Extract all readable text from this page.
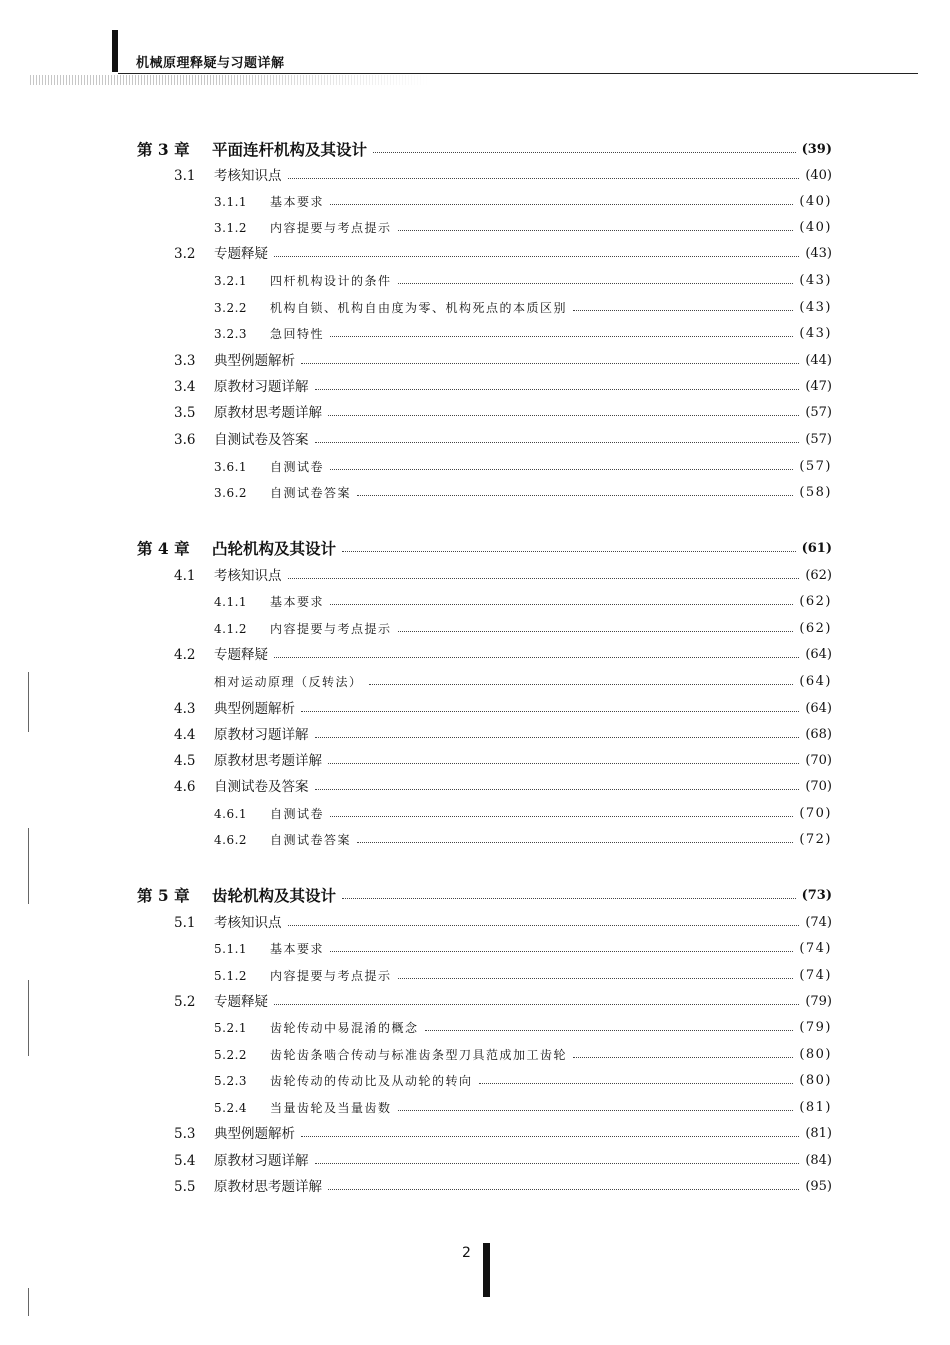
机械原理释疑与习题详解
第 3 章	平面连杆机构及其设计	(39)
3.1	考核知识点	(40)
3.1.1	基本要求	(40)
3.1.2	内容提要与考点提示	(40)
3.2	专题释疑	(43)
3.2.1	四杆机构设计的条件	(43)
3.2.2	机构自锁、机构自由度为零、机构死点的本质区别	(43)
3.2.3	急回特性	(43)
3.3	典型例题解析	(44)
3.4	原教材习题详解	(47)
3.5	原教材思考题详解	(57)
3.6	自测试卷及答案	(57)
3.6.1	自测试卷	(57)
3.6.2	自测试卷答案	(58)
第 4 章	凸轮机构及其设计	(61)
4.1	考核知识点	(62)
4.1.1	基本要求	(62)
4.1.2	内容提要与考点提示	(62)
4.2	专题释疑	(64)
相对运动原理（反转法）	(64)
4.3	典型例题解析	(64)
4.4	原教材习题详解	(68)
4.5	原教材思考题详解	(70)
4.6	自测试卷及答案	(70)
4.6.1	自测试卷	(70)
4.6.2	自测试卷答案	(72)
第 5 章	齿轮机构及其设计	(73)
5.1	考核知识点	(74)
5.1.1	基本要求	(74)
5.1.2	内容提要与考点提示	(74)
5.2	专题释疑	(79)
5.2.1	齿轮传动中易混淆的概念	(79)
5.2.2	齿轮齿条啮合传动与标准齿条型刀具范成加工齿轮	(80)
5.2.3	齿轮传动的传动比及从动轮的转向	(80)
5.2.4	当量齿轮及当量齿数	(81)
5.3	典型例题解析	(81)
5.4	原教材习题详解	(84)
5.5	原教材思考题详解	(95)
2
